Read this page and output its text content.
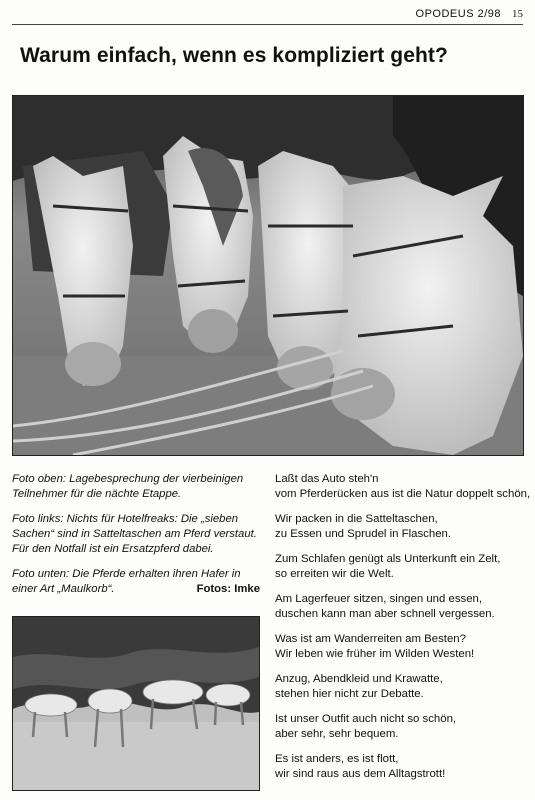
OPODEUS 2/98 15
Warum einfach, wenn es kompliziert geht?

Foto oben: Lagebesprechung der vierbeinigen Teilnehmer für die nächte Etappe.

Foto links: Nichts für Hotelfreaks: Die „sieben Sachen“ sind in Satteltaschen am Pferd verstaut. Für den Notfall ist ein Ersatzpferd dabei.

Foto unten: Die Pferde erhalten ihren Hafer in einer Art „Maulkorb“.	Fotos: Imke

Laßt das Auto steh'n
vom Pferderücken aus ist die Natur doppelt schön,

Wir packen in die Satteltaschen,
zu Essen und Sprudel in Flaschen.

Zum Schlafen genügt als Unterkunft ein Zelt,
so erreiten wir die Welt.

Am Lagerfeuer sitzen, singen und essen,
duschen kann man aber schnell vergessen.

Was ist am Wanderreiten am Besten?
Wir leben wie früher im Wilden Westen!

Anzug, Abendkleid und Krawatte,
stehen hier nicht zur Debatte.

Ist unser Outfit auch nicht so schön,
aber sehr, sehr bequem.

Es ist anders, es ist flott,
wir sind raus aus dem Alltagstrott!
